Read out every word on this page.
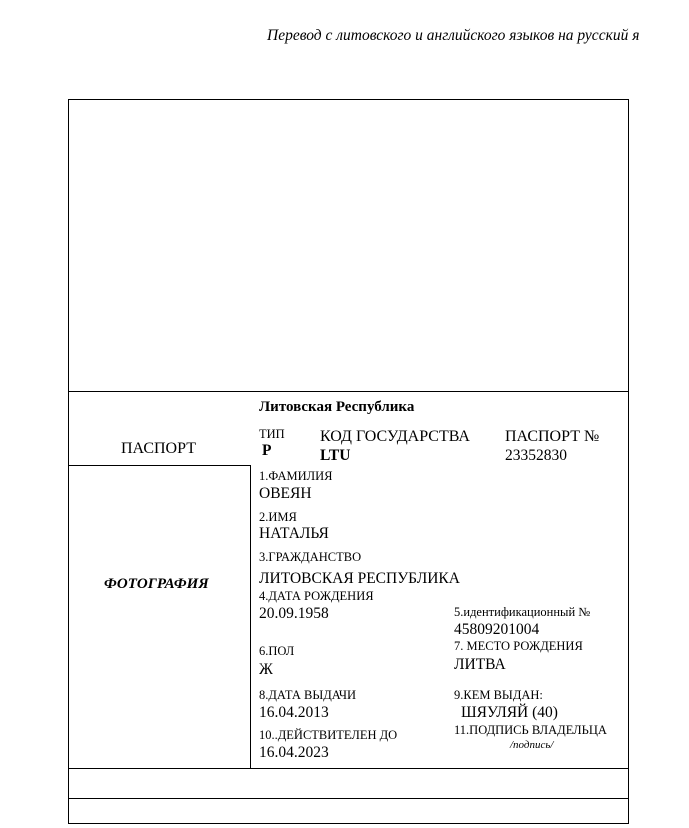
Перевод с литовского и английского языков на русский я
ФОТОГРАФИЯ
ПАСПОРТ
Литовская Республика
ТИП
P
КОД ГОСУДАРСТВА
LTU
ПАСПОРТ №
23352830
1.ФАМИЛИЯ
ОВЕЯН
2.ИМЯ
НАТАЛЬЯ
3.ГРАЖДАНСТВО
ЛИТОВСКАЯ РЕСПУБЛИКА
4.ДАТА РОЖДЕНИЯ
20.09.1958	5.идентификационный №
45809201004
6.ПОЛ
Ж
7. МЕСТО РОЖДЕНИЯ
ЛИТВА
8.ДАТА ВЫДАЧИ
16.04.2013
9.КЕМ ВЫДАН:
ШЯУЛЯЙ (40)
10..ДЕЙСТВИТЕЛЕН ДО
16.04.2023
11.ПОДПИСЬ ВЛАДЕЛЬЦА
/подпись/
